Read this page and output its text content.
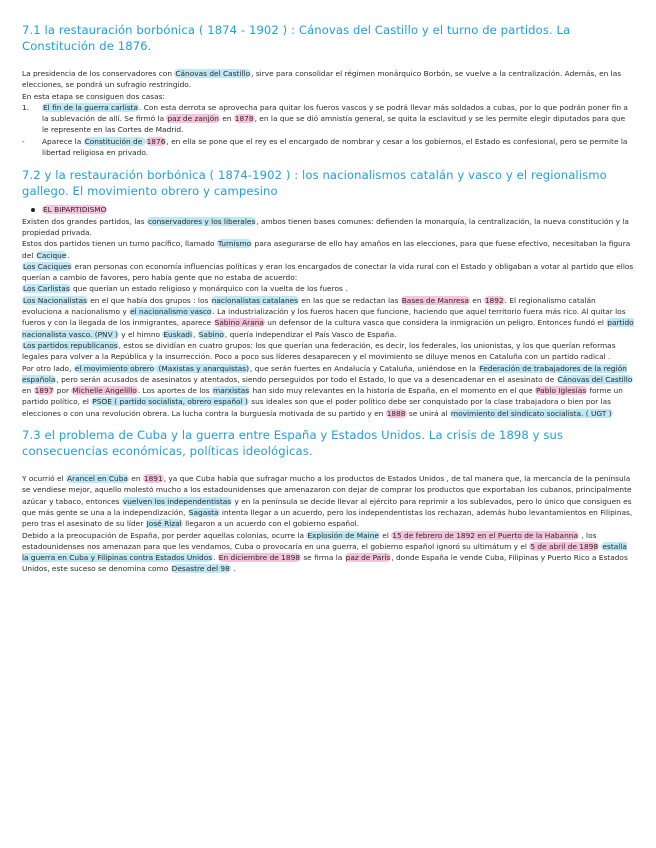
7.1 la restauración borbónica ( 1874 - 1902 ) : Cánovas del Castillo y el turno de partidos. La Constitución de 1876.

La presidencia de los conservadores con Cánovas del Castillo, sirve para consolidar el régimen monárquico Borbón, se vuelve a la centralización. Además, en las elecciones, se pondrá un sufragio restringido.

En esta etapa se consiguen dos casas:

1. El fin de la guerra carlista. Con esta derrota se aprovecha para quitar los fueros vascos y se podrá llevar más soldados a cubas, por lo que podrán poner fin a la sublevación de allí. Se firmó la paz de zanjón en 1878, en la que se dió amnistía general, se quita la esclavitud y se les permite elegir diputados para que le represente en las Cortes de Madrid.
- Aparece la Constitución de 1876, en ella se pone que el rey es el encargado de nombrar y cesar a los gobiernos, el Estado es confesional, pero se permite la libertad religiosa en privado.
7.2 y la restauración borbónica ( 1874-1902 ) : los nacionalismos catalán y vasco y el regionalismo gallego. El movimiento obrero y campesino
EL BIPARTIDISMO

Existen dos grandes partidos, las conservadores y los liberales, ambos tienen bases comunes: defienden la monarquía, la centralización, la nueva constitución y la propiedad privada.

Estos dos partidos tienen un turno pacífico, llamado Turnismo para asegurarse de ello hay amaños en las elecciones, para que fuese efectivo, necesitaban la figura del Cacique.

Los Caciques eran personas con economía influencias políticas y eran los encargados de conectar la vida rural con el Estado y obligaban a votar al partido que ellos querían a cambio de favores, pero había gente que no estaba de acuerdo:

Los Carlistas que querían un estado religioso y monárquico con la vuelta de los fueros .

Los Nacionalistas en el que había dos grupos : los nacionalistas catalanes en las que se redactan las Bases de Manresa en 1892. El regionalismo catalán evoluciona a nacionalismo y el nacionalismo vasco. La industrialización y los fueros hacen que funcione, haciendo que aquel territorio fuera más rico. Al quitar los fueros y con la llegada de los inmigrantes, aparece Sabino Arana un defensor de la cultura vasca que considera la inmigración un peligro. Entonces fundó el partido nacionalista vasco. (PNV ) y el himno Euskadi, Sabino, quería independizar el País Vasco de España.

Los partidos republicanos, estos se dividían en cuatro grupos: los que querían una federación, es decir, los federales, los unionistas, y los que querían reformas legales para volver a la República y la insurrección. Poco a poco sus líderes desaparecen y el movimiento se diluye menos en Cataluña con un partido radical .

Por otro lado, el movimiento obrero (Maxistas y anarquistas), que serán fuertes en Andalucía y Cataluña, uniéndose en la Federación de trabajadores de la región española, pero serán acusados de asesinatos y atentados, siendo perseguidos por todo el Estado, lo que va a desencadenar en el asesinato de Cánovas del Castillo en 1897 por Michelle Angelillo. Los aportes de los marxistas han sido muy relevantes en la historia de España, en el momento en el que Pablo Iglesias forme un partido político, el PSOE ( partido socialista, obrero español ) sus ideales son que el poder político debe ser conquistado por la clase trabajadora o bien por las elecciones o con una revolución obrera. La lucha contra la burguesía motivada de su partido y en 1888 se unirá al movimiento del sindicato socialista. ( UGT )

7.3 el problema de Cuba y la guerra entre España y Estados Unidos. La crisis de 1898 y sus consecuencias económicas, políticas ideológicas.

Y ocurrió el Arancel en Cuba en 1891, ya que Cuba había que sufragar mucho a los productos de Estados Unidos , de tal manera que, la mercancía de la península se vendiese mejor, aquello molestó mucho a los estadounidenses que amenazaron con dejar de comprar los productos que exportaban los cubanos, principalmente azúcar y tabaco, entonces vuelven los independentistas y en la península se decide llevar al ejército para reprimir a los sublevados, pero lo único que consiguen es que más gente se una a la independización, Sagasta intenta llegar a un acuerdo, pero los independentistas los rechazan, además hubo levantamientos en Filipinas, pero tras el asesinato de su líder José Rizal llegaron a un acuerdo con el gobierno español.

Debido a la preocupación de España, por perder aquellas colonias, ocurre la Explosión de Maine el 15 de febrero de 1892 en el Puerto de la Habanna , los estadounidenses nos amenazan para que les vendamos, Cuba o provocaría en una guerra, el gobierno español ignoró su ultimátum y el 5 de abril de 1898 estalla la guerra en Cuba y Filipinas contra Estados Unidos. En diciembre de 1898 se firma la paz de París, donde España le vende Cuba, Filipinas y Puerto Rico a Estados Unidos, este suceso se denomina como Desastre del 98 .
